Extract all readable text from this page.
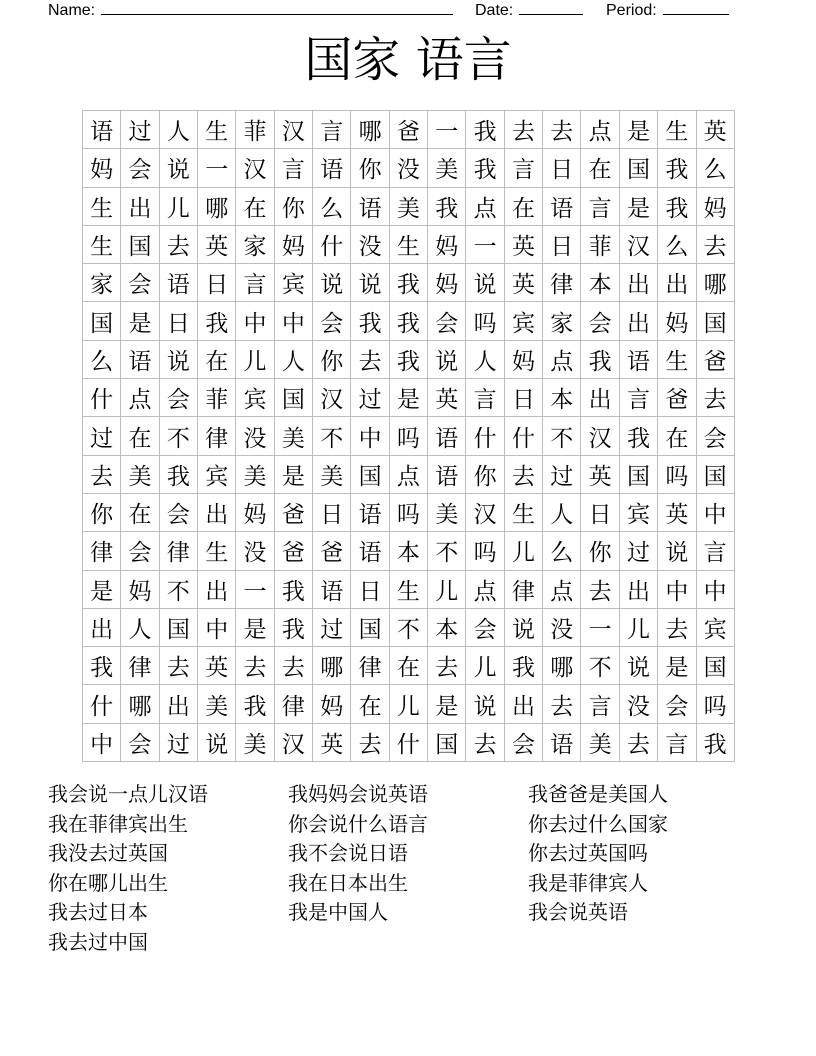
Name:	Date:	Period:
国家 语言
语 过 人 生 菲 汉 言 哪 爸 一 我 去 去 点 是 生 英
妈 会 说 一 汉 言 语 你 没 美 我 言 日 在 国 我 么
生 出 儿 哪 在 你 么 语 美 我 点 在 语 言 是 我 妈
生 国 去 英 家 妈 什 没 生 妈 一 英 日 菲 汉 么 去
家 会 语 日 言 宾 说 说 我 妈 说 英 律 本 出 出 哪
国 是 日 我 中 中 会 我 我 会 吗 宾 家 会 出 妈 国
么 语 说 在 儿 人 你 去 我 说 人 妈 点 我 语 生 爸
什 点 会 菲 宾 国 汉 过 是 英 言 日 本 出 言 爸 去
过 在 不 律 没 美 不 中 吗 语 什 什 不 汉 我 在 会
去 美 我 宾 美 是 美 国 点 语 你 去 过 英 国 吗 国
你 在 会 出 妈 爸 日 语 吗 美 汉 生 人 日 宾 英 中
律 会 律 生 没 爸 爸 语 本 不 吗 儿 么 你 过 说 言
是 妈 不 出 一 我 语 日 生 儿 点 律 点 去 出 中 中
出 人 国 中 是 我 过 国 不 本 会 说 没 一 儿 去 宾
我 律 去 英 去 去 哪 律 在 去 儿 我 哪 不 说 是 国
什 哪 出 美 我 律 妈 在 儿 是 说 出 去 言 没 会 吗
中 会 过 说 美 汉 英 去 什 国 去 会 语 美 去 言 我
我会说一点儿汉语	我妈妈会说英语	我爸爸是美国人
我在菲律宾出生	你会说什么语言	你去过什么国家
我没去过英国	我不会说日语	你去过英国吗
你在哪儿出生	我在日本出生	我是菲律宾人
我去过日本	我是中国人	我会说英语
我去过中国
